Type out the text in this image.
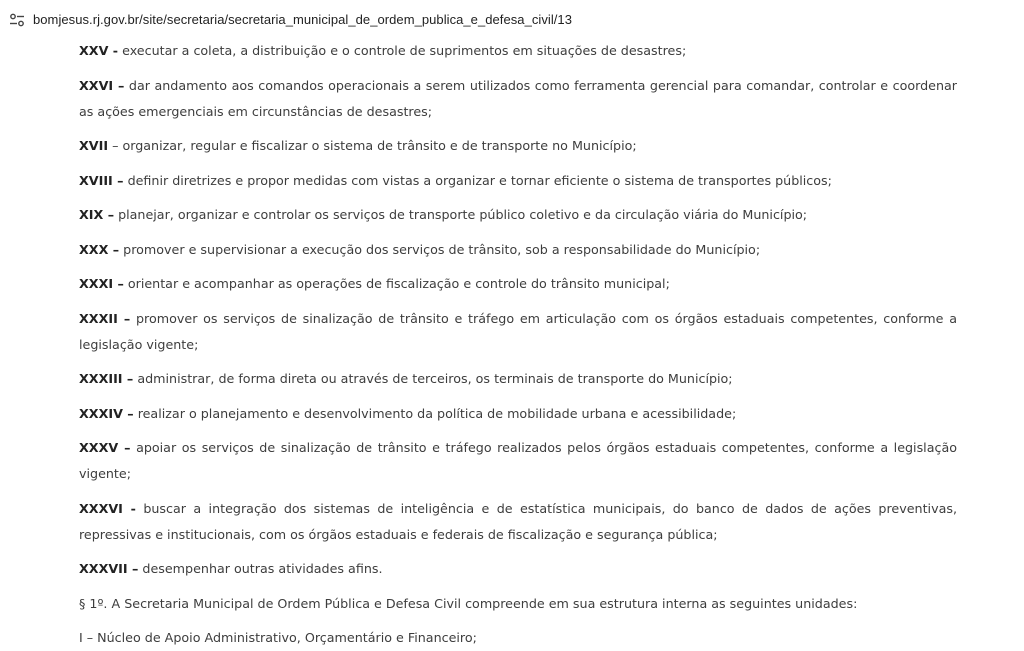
bomjesus.rj.gov.br/site/secretaria/secretaria_municipal_de_ordem_publica_e_defesa_civil/13

XXV - executar a coleta, a distribuição e o controle de suprimentos em situações de desastres;

XXVI – dar andamento aos comandos operacionais a serem utilizados como ferramenta gerencial para comandar, controlar e coordenar as ações emergenciais em circunstâncias de desastres;

XVII – organizar, regular e fiscalizar o sistema de trânsito e de transporte no Município;

XVIII – definir diretrizes e propor medidas com vistas a organizar e tornar eficiente o sistema de transportes públicos;

XIX – planejar, organizar e controlar os serviços de transporte público coletivo e da circulação viária do Município;

XXX – promover e supervisionar a execução dos serviços de trânsito, sob a responsabilidade do Município;

XXXI – orientar e acompanhar as operações de fiscalização e controle do trânsito municipal;

XXXII – promover os serviços de sinalização de trânsito e tráfego em articulação com os órgãos estaduais competentes, conforme a legislação vigente;

XXXIII – administrar, de forma direta ou através de terceiros, os terminais de transporte do Município;

XXXIV – realizar o planejamento e desenvolvimento da política de mobilidade urbana e acessibilidade;

XXXV – apoiar os serviços de sinalização de trânsito e tráfego realizados pelos órgãos estaduais competentes, conforme a legislação vigente;

XXXVI - buscar a integração dos sistemas de inteligência e de estatística municipais, do banco de dados de ações preventivas, repressivas e institucionais, com os órgãos estaduais e federais de fiscalização e segurança pública;

XXXVII – desempenhar outras atividades afins.

§ 1º. A Secretaria Municipal de Ordem Pública e Defesa Civil compreende em sua estrutura interna as seguintes unidades:

I – Núcleo de Apoio Administrativo, Orçamentário e Financeiro;
